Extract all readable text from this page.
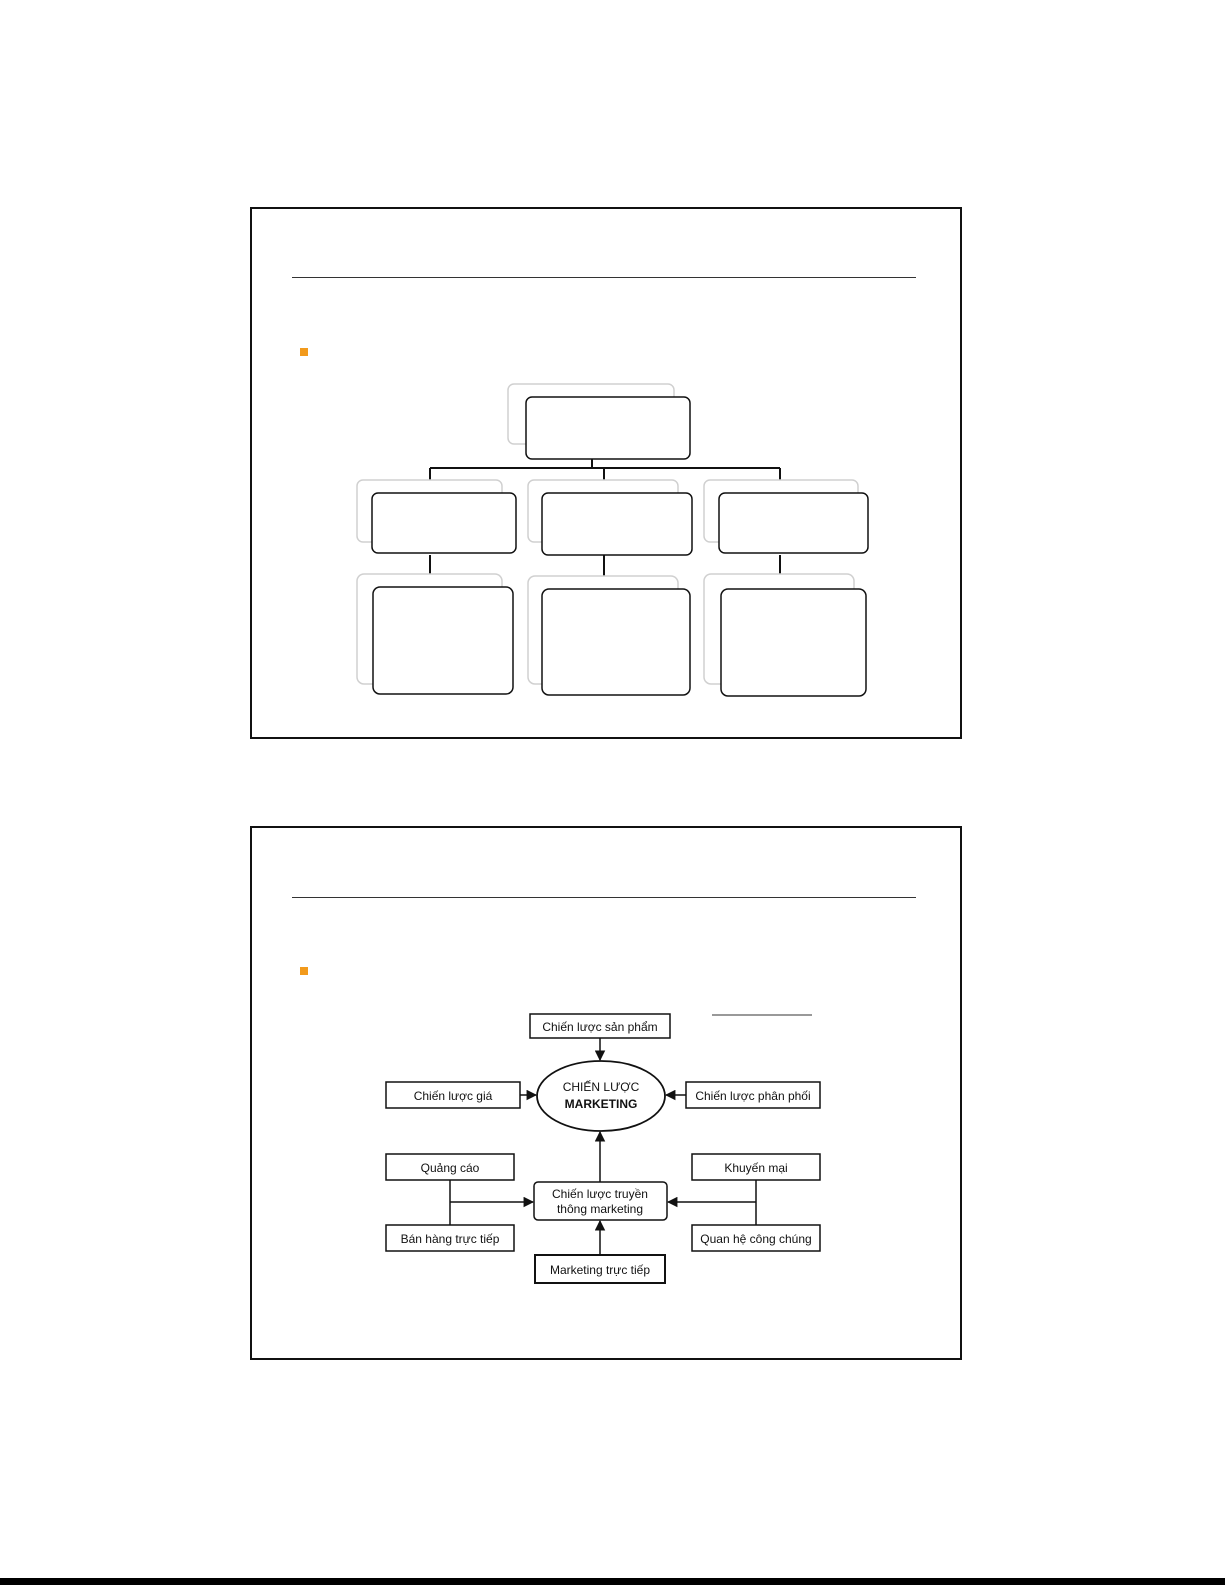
Chiến lược sản phẩm
CHIẾN LƯỢC
MARKETING
Chiến lược giá	Chiến lược phân phối
Chiến lược truyền
thông marketing
Quảng cáo
Bán hàng trực tiếp
Khuyến mại
Quan hệ công chúng
Marketing trực tiếp
